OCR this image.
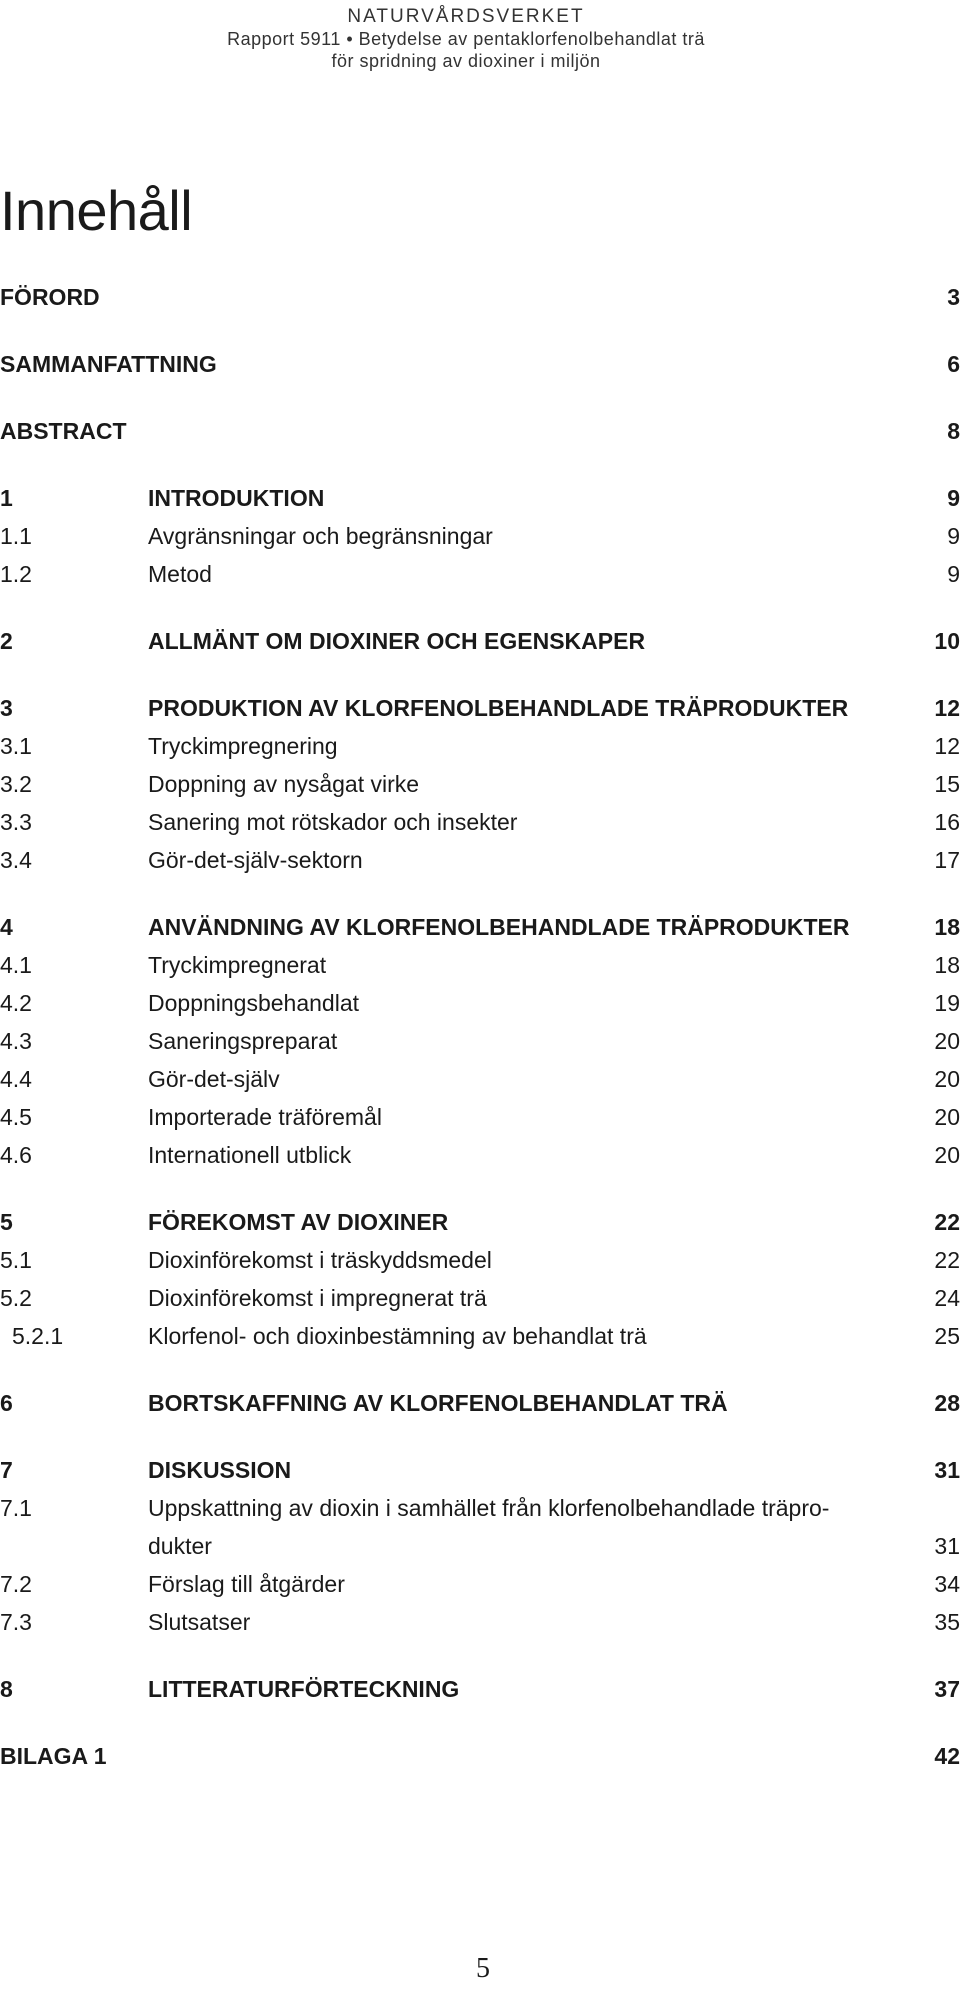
NATURVÅRDSVERKET
Rapport 5911 • Betydelse av pentaklorfenolbehandlat trä
för spridning av dioxiner i miljön
Innehåll
FÖRORD	3
SAMMANFATTNING	6
ABSTRACT	8
1	INTRODUKTION	9
1.1	Avgränsningar och begränsningar	9
1.2	Metod	9
2	ALLMÄNT OM DIOXINER OCH EGENSKAPER	10
3	PRODUKTION AV KLORFENOLBEHANDLADE TRÄPRODUKTER	12
3.1	Tryckimpregnering	12
3.2	Doppning av nysågat virke	15
3.3	Sanering mot rötskador och insekter	16
3.4	Gör-det-själv-sektorn	17
4	ANVÄNDNING AV KLORFENOLBEHANDLADE TRÄPRODUKTER	18
4.1	Tryckimpregnerat	18
4.2	Doppningsbehandlat	19
4.3	Saneringspreparat	20
4.4	Gör-det-själv	20
4.5	Importerade träföremål	20
4.6	Internationell utblick	20
5	FÖREKOMST AV DIOXINER	22
5.1	Dioxinförekomst i träskyddsmedel	22
5.2	Dioxinförekomst i impregnerat trä	24
5.2.1	Klorfenol- och dioxinbestämning av behandlat trä	25
6	BORTSKAFFNING AV KLORFENOLBEHANDLAT TRÄ	28
7	DISKUSSION	31
7.1	Uppskattning av dioxin i samhället från klorfenolbehandlade träpro-
dukter	31
7.2	Förslag till åtgärder	34
7.3	Slutsatser	35
8	LITTERATURFÖRTECKNING	37
BILAGA 1	42
5
